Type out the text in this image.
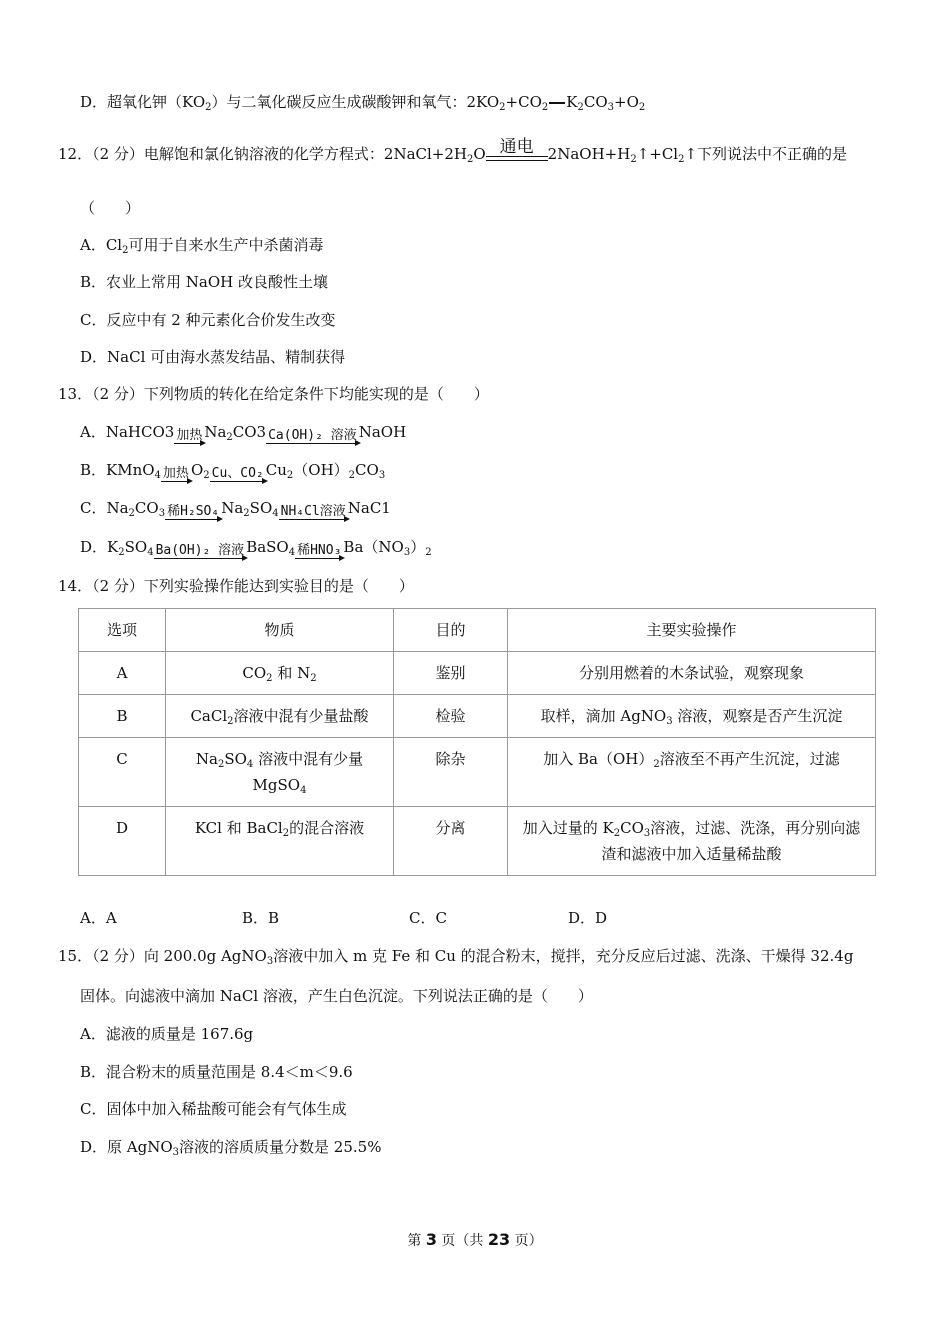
D．超氧化钾$(KO_2)$与二氧化碳反应生成碳酸钾和氧气：$2KO_2+CO_2$ $K_2CO_3+O_2$
12．（2 分）电解饱和氯化钠溶液的化学方程式：$2NaCl+2H_2O$ 通电 $2NaOH+H_2↑+Cl_2↑$下列说法中不正确的是
（　　）
A．$Cl_2$可用于自来水生产中杀菌消毒
B．农业上常用 NaOH 改良酸性土壤
C．反应中有 2 种元素化合价发生改变
D．NaCl 可由海水蒸发结晶、精制获得
13．（2 分）下列物质的转化在给定条件下均能实现的是（　　）
A．NaHCO3 加热 $Na_2CO3$ Ca(OH)₂ 溶液 NaOH
B．KMnO$_4$ 加热 $O_2$ Cu、CO₂ $Cu_2(OH)_2CO_3$
C．$Na_2CO_3$ 稀H₂SO₄ $Na_2SO_4$ NH₄Cl溶液 NaC1
D．$K_2SO_4$ Ba(OH)₂ 溶液 BaSO$_4$ 稀HNO₃ $Ba(NO_3)_2$
14．（2 分）下列实验操作能达到实验目的是（　　）
选项	物质	目的	主要实验操作
A	$CO_2$ 和 $N_2$	鉴别	分别用燃着的木条试验，观察现象
B	CaCl$_2$溶液中混有少量盐酸	检验	取样，滴加 AgNO$_3$ 溶液，观察是否产生沉淀
C	$Na_2SO_4$ 溶液中混有少量
MgSO$_4$	除杂	加入 $Ba(OH)_2$溶液至不再产生沉淀，过滤
D	KCl 和 BaCl$_2$的混合溶液	分离	加入过量的 $K_2CO_3$溶液，过滤、洗涤，再分别向滤
渣和滤液中加入适量稀盐酸
A．A	B．B	C．C	D．D
15．（2 分）向 200.0g AgNO$_3$溶液中加入 m 克 Fe 和 Cu 的混合粉末，搅拌，充分反应后过滤、洗涤、干燥得 32.4g
固体。向滤液中滴加 NaCl 溶液，产生白色沉淀。下列说法正确的是（　　）
A．滤液的质量是 167.6g
B．混合粉末的质量范围是 8.4＜m＜9.6
C．固体中加入稀盐酸可能会有气体生成
D．原 AgNO$_3$溶液的溶质质量分数是 25.5%
第 3 页（共 23 页）
